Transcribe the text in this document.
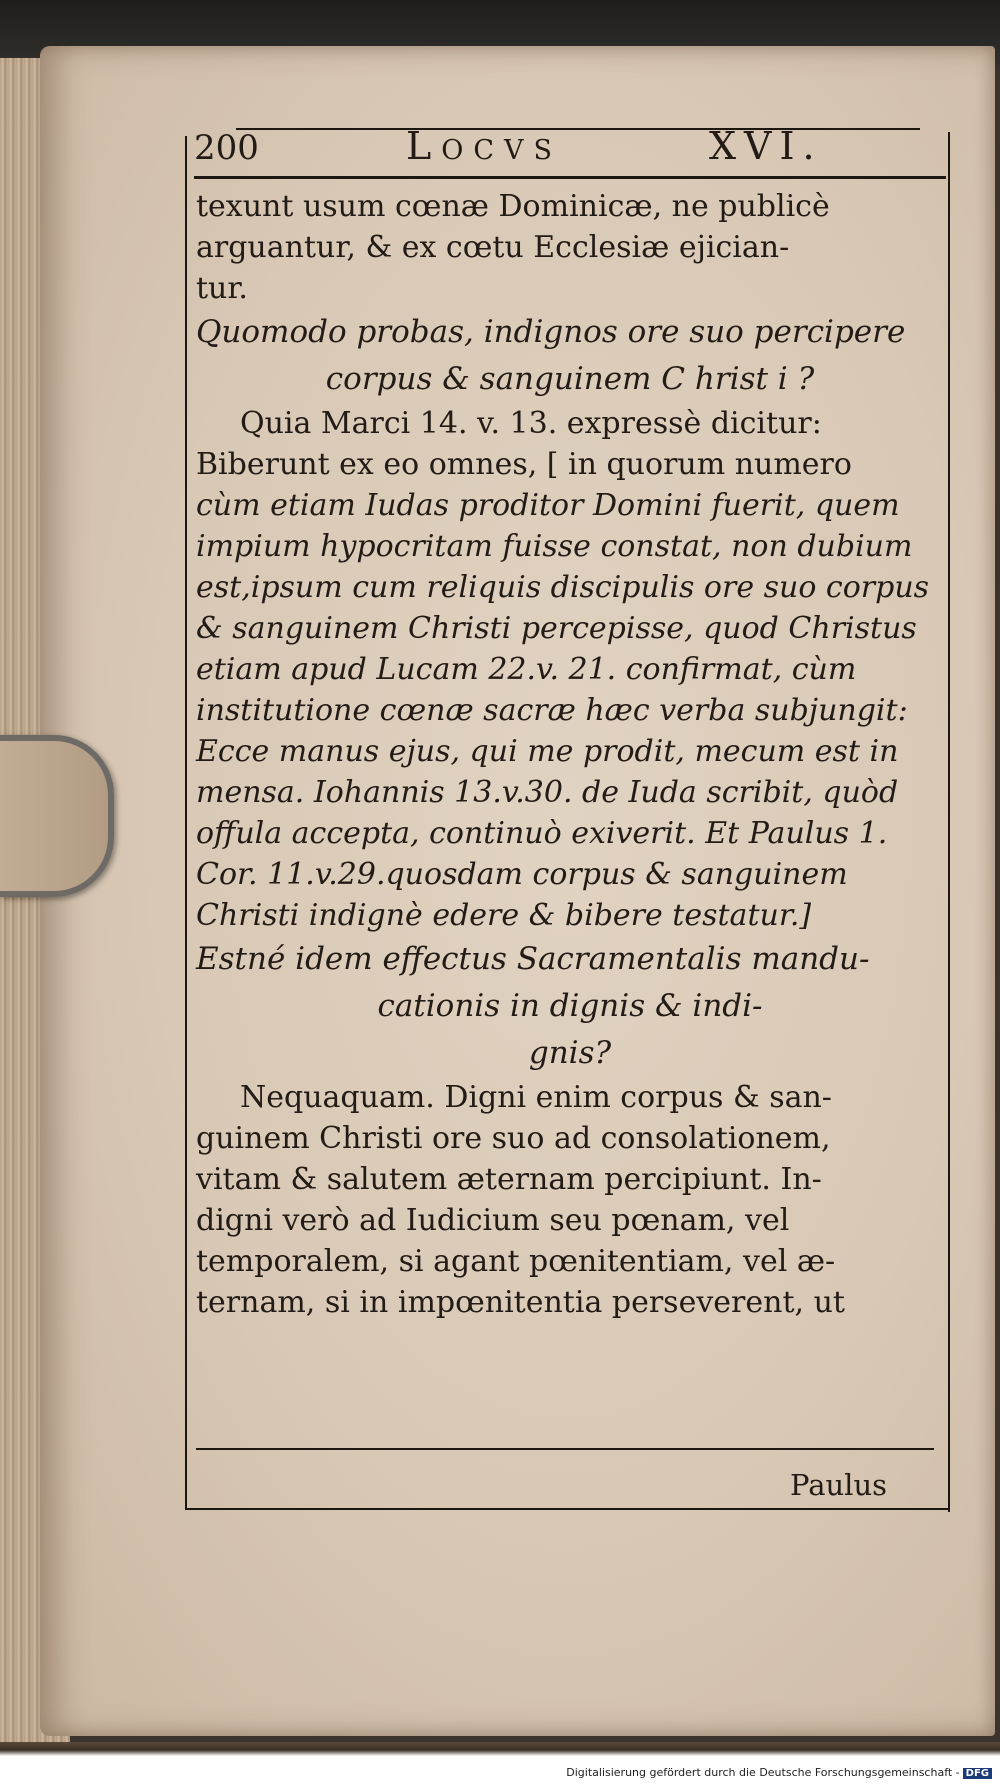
200	Locvs	XVI.
texunt usum cœnæ Dominicæ, ne publicè
arguantur, & ex cœtu Ecclesiæ ejician-
tur.
Quomodo probas, indignos ore suo percipere
corpus & sanguinem C hrist i ?
Quia Marci 14. v. 13. expressè dicitur:
Biberunt ex eo omnes, [ in quorum numero
cùm etiam Iudas proditor Domini fuerit, quem
impium hypocritam fuisse constat, non dubium
est,ipsum cum reliquis discipulis ore suo corpus
& sanguinem Christi percepisse, quod Christus
etiam apud Lucam 22.v. 21. confirmat, cùm
institutione cœnæ sacræ hæc verba subjungit:
Ecce manus ejus, qui me prodit, mecum est in
mensa. Iohannis 13.v.30. de Iuda scribit, quòd
offula accepta, continuò exiverit. Et Paulus 1.
Cor. 11.v.29.quosdam corpus & sanguinem
Christi indignè edere & bibere testatur.]
Estné idem effectus Sacramentalis mandu-
cationis in dignis & indi-
gnis?
Nequaquam. Digni enim corpus & san-
guinem Christi ore suo ad consolationem,
vitam & salutem æternam percipiunt. In-
digni verò ad Iudicium seu pœnam, vel
temporalem, si agant pœnitentiam, vel æ-
ternam, si in impœnitentia perseverent, ut
Paulus
Digitalisierung gefördert durch die Deutsche Forschungsgemeinschaft - DFG
